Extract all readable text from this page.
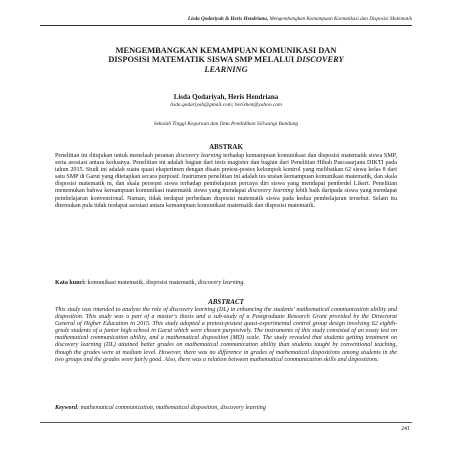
Lisda Qodariyah & Heris Hendriana, Mengembangkan Kemampuan Komunikasi dan Disposisi Matematik
MENGEMBANGKAN KEMAMPUAN KOMUNIKASI DAN
DISPOSISI MATEMATIK SISWA SMP MELALUI DISCOVERY
LEARNING
Lisda Qodariyah, Heris Hendriana
lisda.qodariyah@gmail.com; herishen@yahoo.com
Sekolah Tinggi Keguruan dan Ilmu Pendidikan Siliwangi Bandung
ABSTRAK
Penelitian ini ditujukan untuk menelaah peranan discovery learning terhadap kemampuan komunikasi dan disposisi matematik siswa SMP, serta asosiasi antara keduanya. Penelitian ini adalah bagian dari tesis magister dan bagian dari Penelitian Hibah Pascasarjana DIKTI pada tahun 2015. Studi ini adalah suatu quasi eksperimen dengan disain pretest-postes kelompok kontrol yang melibatkan 62 siswa kelas 8 dari satu SMP di Garut yang ditetapkan secara purposif. Instrumen penelitian ini adalah tes uraian kemampuan komunikasi matematik, dan skala disposisi matematik m, dan skala persepsi siswa terhadap pembelajaran percaya diri siswa yang mendapat pembedel Likert. Penelitian menemukan bahwa kemampuan komunikasi matematik siswa yang mendapat discovery learning lebih baik daripada siswa yang mendapat pembelajaran konvensional. Naman, tidak terdapat perbedaan disposisi matematik siswa pada kedua pembelajaran tersebut. Selain itu ditemukan pula tidak terdapat asosiasi antara kemampuan komunikasi matematik dan disposisi matematik.
Kata kunci: komunikasi matematik, disposisi matematik, discovery learning.
ABSTRACT
This study was intended to analyze the role of discovery learning (DL) in enhancing the students' mathematical communication ability and disposition. This study was a part of a master's thesis and a sub-study of a Postgraduate Research Grant provided by the Directorat General of Higher Education in 2015. This study adopted a pretest-postest quasi-experimental control group design involving 62 eighth-grade students of a junior high school in Garut which were chosen purposively. The instruments of this study consisted of an essay test on mathematical communication ability, and a mathematical disposition (MD) scale. The study revealed that students getting treatment on discovery learning (DL) attained better grades on mathematical communication ability than students taught by conventional teaching, though the grades were at medium level. However, there was no difference in grades of mathematical dispositions among students in the two groups and the grades were fairly good. Also, there was a relation between mathematical communication skills and dispositions.
Keyword: mathematical communication, mathematical disposition, discovery learning
241
